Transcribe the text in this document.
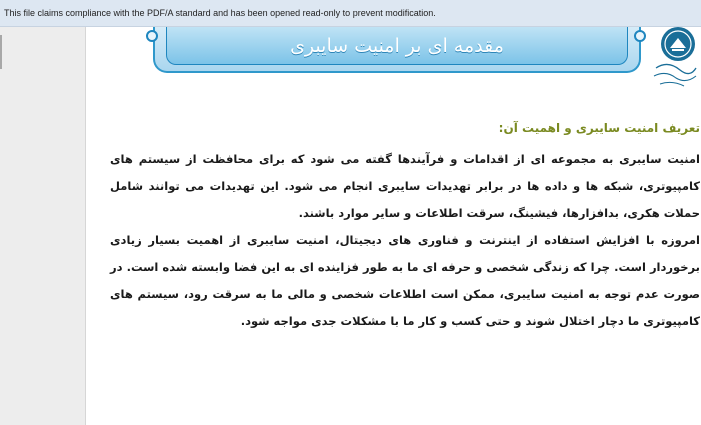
This file claims compliance with the PDF/A standard and has been opened read-only to prevent modification.
مقدمه ای بر امنیت سایبری
تعریف امنیت سایبری و اهمیت آن:

امنیت سایبری به مجموعه ای از اقدامات و فرآیندها گفته می شود که برای محافظت از سیستم های کامپیوتری، شبکه ها و داده ها در برابر تهدیدات سایبری انجام می شود. این تهدیدات می توانند شامل حملات هکری، بدافزارها، فیشینگ، سرقت اطلاعات و سایر موارد باشند.

امروزه با افزایش استفاده از اینترنت و فناوری های دیجیتال، امنیت سایبری از اهمیت بسیار زیادی برخوردار است. چرا که زندگی شخصی و حرفه ای ما به طور فزاینده ای به این فضا وابسته شده است. در صورت عدم توجه به امنیت سایبری، ممکن است اطلاعات شخصی و مالی ما به سرقت رود، سیستم های کامپیوتری ما دچار اختلال شوند و حتی کسب و کار ما با مشکلات جدی مواجه شود.
